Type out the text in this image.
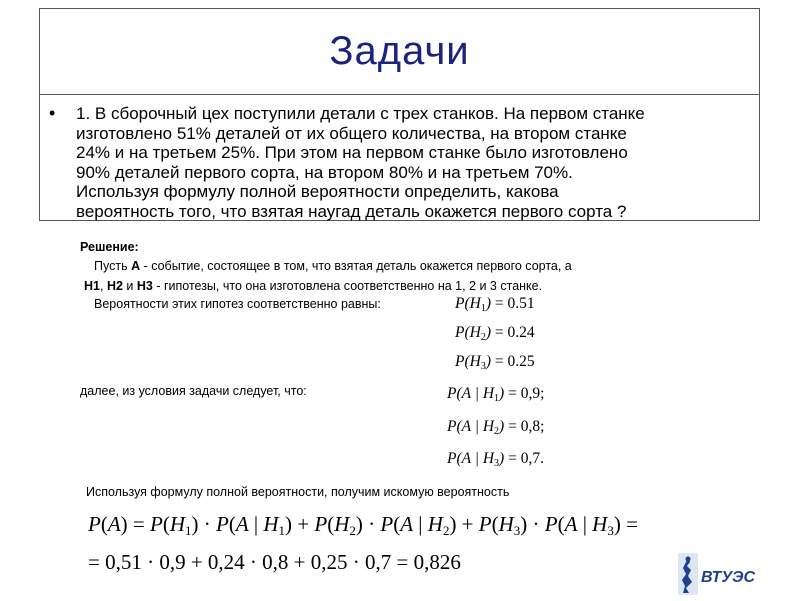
Задачи
• 1. В сборочный цех поступили детали с трех станков. На первом станке
изготовлено 51% деталей от их общего количества, на втором станке
24% и на третьем 25%. При этом на первом станке было изготовлено
90% деталей первого сорта, на втором 80% и на третьем 70%.
Используя формулу полной вероятности определить, какова
вероятность того, что взятая наугад деталь окажется первого сорта ?
Решение:
Пусть А - событие, состоящее в том, что взятая деталь окажется первого сорта, а
Н1, Н2 и Н3 - гипотезы, что она изготовлена соответственно на 1, 2 и 3 станке.
Вероятности этих гипотез соответственно равны:	$P(H_1) = 0.51$
$P(H_2) = 0.24$
$P(H_3) = 0.25$
далее, из условия задачи следует, что:	P(A | $H_1) = 0,9$;
P(A | $H_2) = 0,8$;
P(A | $H_3) = 0,7$.
Используя формулу полной вероятности, получим искомую вероятность
$P(A) = P(H_1) \cdot P(A$ | $H_1) + P(H_2) \cdot P(A$ | $H_2) + P(H_3) \cdot P(A$ | $H_3$) =
= 0,51 · 0,9 + 0,24 · 0,8 + 0,25 · 0,7 = 0,826
ВТУЭС
